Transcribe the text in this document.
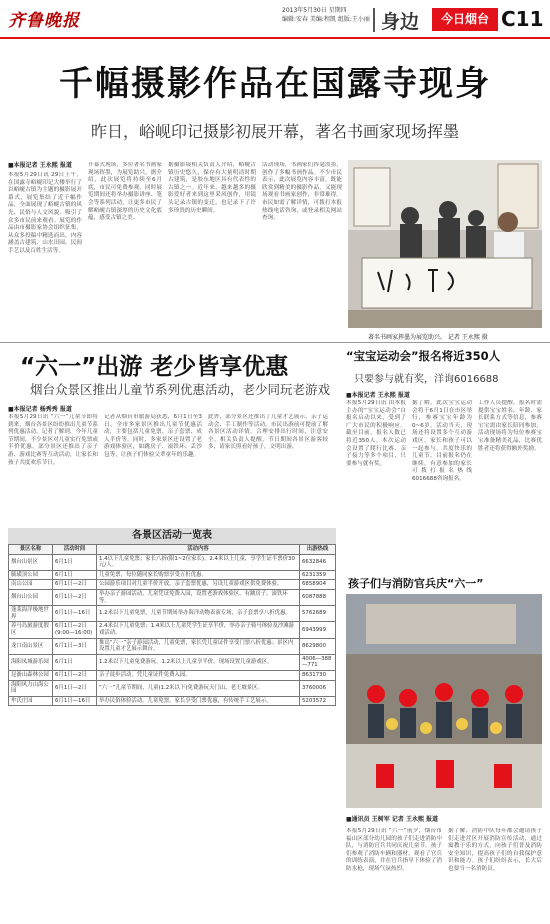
齐鲁晚报
2013年5月30日 星期四
编辑:安春 美编:程凯 组版:王小丽 身边	今日烟台 C11
千幅摄影作品在国露寺现身
昨日，峪岘印记摄影初展开幕，著名书画家现场挥墨
■本报记者 王永熙 报道
本报5月29日讯 29日上午，在国露寺峪岘印记大楼举行了以峪岘古镇为主题的摄影展开幕式，展览集结了近千幅作品，全面展现了峪岘古镇的风光、民俗与人文风貌，吸引了众多市民前来观看。展览的作品由市摄影家协会组织征集，从众多投稿中精选而出，内容涵盖古建筑、山水田园、民间手艺以及百姓生活等。
开幕式现场，多位著名书画家现场挥墨，为展览助兴。据介绍，此次展览将持续至6月底，市民可免费参观，同时展览期间还将举办摄影讲座、笔会等系列活动，让更多市民了解峪岘古镇深厚的历史文化底蕴，感受古镇之美。
据摄影展相关负责人介绍，峪岘古镇历史悠久，保存有大量明清时期古建筑，是胶东地区具有代表性的古镇之一。近年来，越来越多的摄影爱好者来到这里采风创作，用镜头记录古镇的变迁，也记录下了许多珍贵的历史瞬间。
活动现场，书画家们挥毫泼墨，创作了多幅书画作品。不少市民表示，此次展览内容丰富，既能欣赏到精美的摄影作品，又能现场观看书画家创作，非常难得。市民如需了解详情，可拨打本报热线电话咨询，或登录相关网站查询。
著名书画家挥墨为展览助兴。 记者 王永熙 摄
“六一”出游 老少皆享优惠
烟台众景区推出儿童节系列优惠活动，老少同玩老游戏
■本报记者 杨秀秀 报道
本报5月29日讯 “六一”儿童节即将到来，烟台各景区纷纷推出儿童节系列优惠活动。记者了解到，今年儿童节期间，不少景区对儿童实行免票或半价优惠，部分景区还推出了亲子游、游戏比赛等互动活动，让家长和孩子共度欢乐节日。
记者从烟台市旅游局获悉，6月1日至3日，全市多家景区推出儿童节优惠活动，主要包括儿童免票、亲子套票、成人半价等。同时，多家景区还设置了老游戏体验区，如跳房子、滚铁环、丢沙包等，让孩子们体验父辈童年的乐趣。
此外，部分景区还推出了儿童才艺展示、亲子运动会、手工制作等活动。市民出游前可提前了解各景区活动详情，合理安排出行时间，注意安全。相关负责人提醒，节日期间各景区游客较多，请家长照看好孩子，文明出游。
各景区活动一览表
景区名称	活动时间	活动内容	出游热线
烟台山景区	6月1日	1.4以下儿童免票；家长八折(限1~2位家长)。2.4米以上儿童，享学生证半票价30元/人。	6632846
毓璜顶公园	6月1日	儿童免票，每位随同家长购票享受五折优惠。	6231359
南山公园	6月1日—2日	公园游乐项目对儿童半价开放，亲子套票优惠，另设儿童游戏区供免费体验。	6858904
烟台山公园	6月1日—2日	举办亲子游园活动，儿童凭证免费入园，设置老游戏体验区，有跳房子、滚铁环等。	6087888
蓬莱海洋极地世界	6月1日—16日	1.2米以下儿童免票，儿童节期间举办海洋动物表演专场，亲子套票享八折优惠。	5762689
养马岛旅游度假区	6月1日—2日(9:00—16:00)	2.4米以下儿童免票；1.4米以上儿童凭学生证享半价，举办亲子骑马体验及沙滩游戏活动。	6943999
龙口南山景区	6月1日—3日	推出“六一”亲子游园活动，儿童免票，家长凭儿童证件享受门票八折优惠；景区内设置儿童才艺展示舞台。	8629800
海阳凤城游乐园	6月1日	1.2米以下儿童免费游玩，1.2米以上儿童享半价，现场设置儿童游戏区。	4006—388—771
昆嵛山森林公园	6月1日—2日	亲子徒步活动，凭儿童证件免费入园。	8631730
海阳风力山海公园	6月1日—2日	“六一”儿童节期间，儿童(1.2米以下)免费游玩天门山、老王坡景区。	3760006
牟氏庄园	6月1日—16日	举办民俗体验活动，儿童免票，家长享受门票优惠，有传统手工艺展示。	5203572
“宝宝运动会”报名将近350人
只要参与就有奖，洋询6016688
■本报记者 王永熙 报道
本报5月29日讯 由本报主办的“宝宝运动会”自报名启动以来，受到了广大市民的积极响应。截至目前，报名人数已将近350人。本次运动会设置了爬行比赛、亲子接力等多个项目，只要参与就有奖。
据了解，此次宝宝运动会将于6月1日在市区举行，参赛宝宝年龄为0~6岁。活动当天，现场还将设置多个互动游戏区，家长和孩子可以一起参与，共度快乐的儿童节。目前报名仍在继续，有意参加的家长可拨打报名热线6016688咨询报名。
工作人员提醒，报名时需提供宝宝姓名、年龄、家长联系方式等信息，参赛宝宝需由家长陪同参加。活动现场将为每位参赛宝宝准备精美礼品，比赛优胜者还将获得额外奖励。
孩子们与消防官兵庆“六一”
■通讯员 王树军 记者 王永熙 报道
本报5月29日讯 “六一”前夕，烟台市福山区部分幼儿园的孩子们走进消防中队，与消防官兵共同庆祝儿童节。孩子们参观了消防车辆和器材，观看了官兵的训练表演，并在官兵指导下体验了消防水枪，现场气氛热烈。
据了解，消防中队每年都会邀请孩子们走进营区开展消防宣传活动，通过寓教于乐的方式，向孩子们普及消防安全知识，提高孩子们的自我保护意识和能力。孩子们纷纷表示，长大后也要当一名消防员。
